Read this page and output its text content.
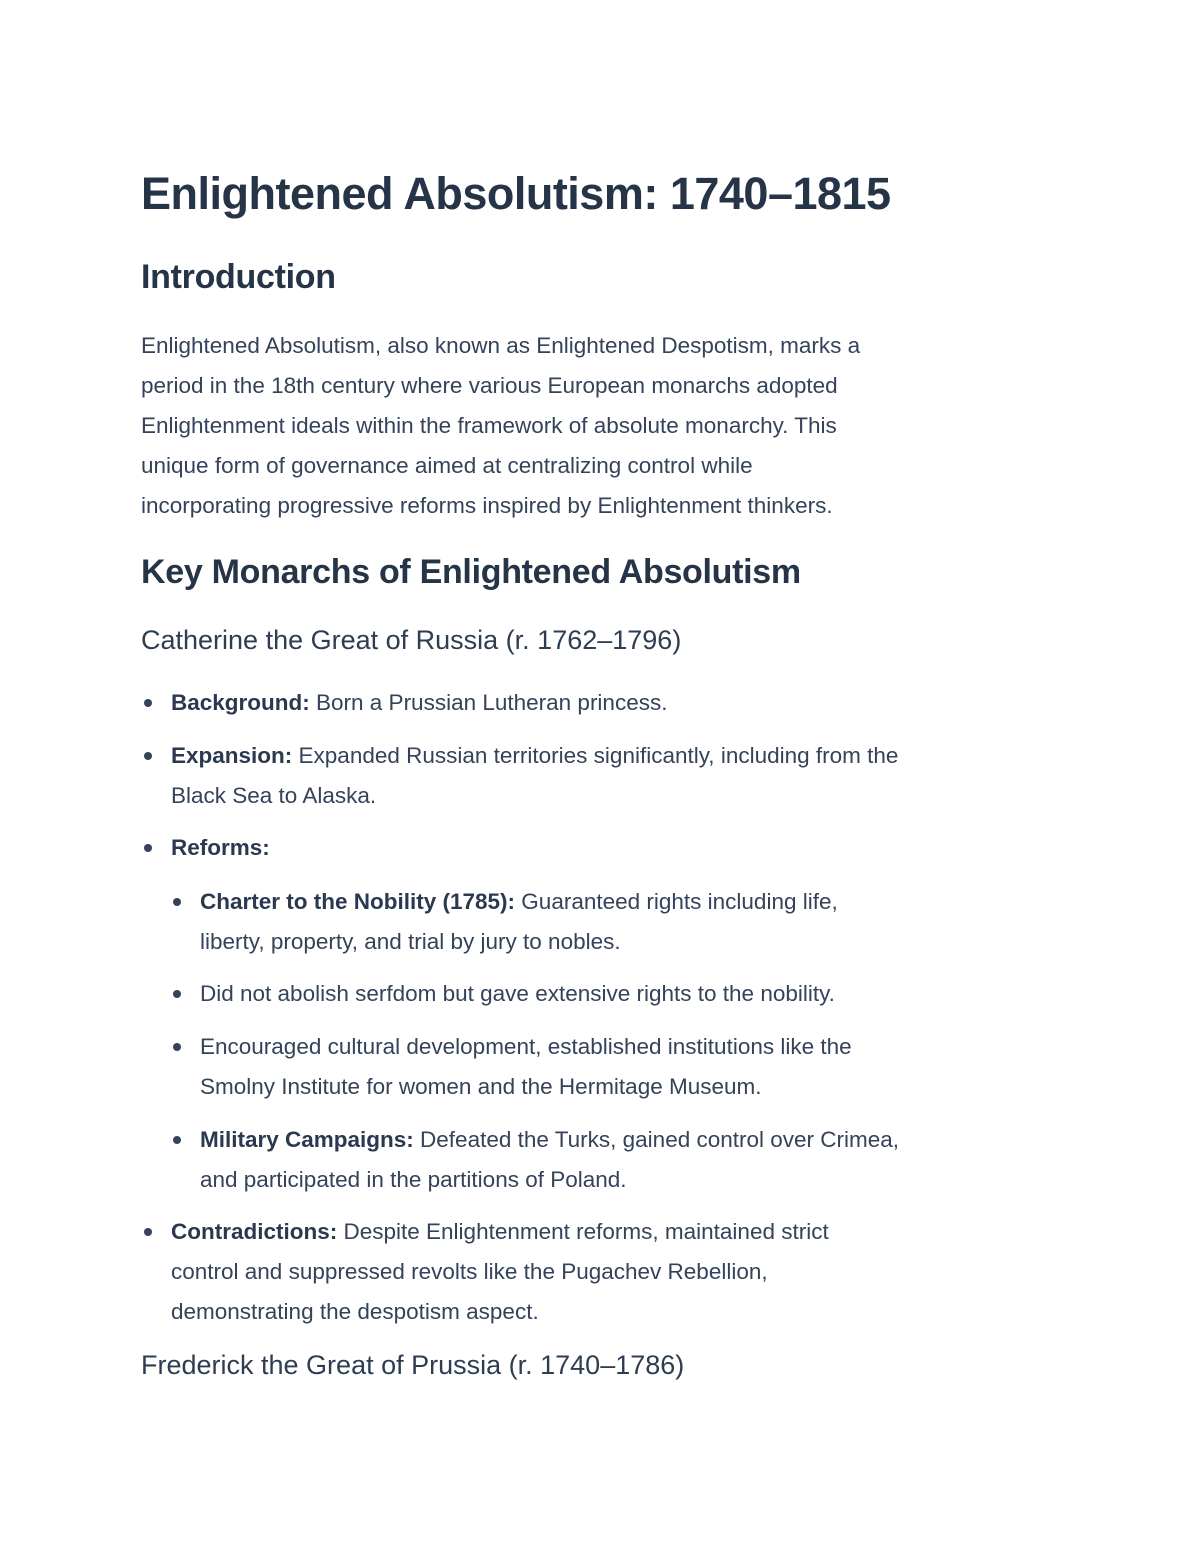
Enlightened Absolutism: 1740–1815
Introduction

Enlightened Absolutism, also known as Enlightened Despotism, marks a
period in the 18th century where various European monarchs adopted
Enlightenment ideals within the framework of absolute monarchy. This
unique form of governance aimed at centralizing control while
incorporating progressive reforms inspired by Enlightenment thinkers.

Key Monarchs of Enlightened Absolutism
Catherine the Great of Russia (r. 1762–1796)
Background: Born a Prussian Lutheran princess.
Expansion: Expanded Russian territories significantly, including from the
Black Sea to Alaska.
Reforms:
Charter to the Nobility (1785): Guaranteed rights including life,
liberty, property, and trial by jury to nobles.
Did not abolish serfdom but gave extensive rights to the nobility.
Encouraged cultural development, established institutions like the
Smolny Institute for women and the Hermitage Museum.
Military Campaigns: Defeated the Turks, gained control over Crimea,
and participated in the partitions of Poland.
Contradictions: Despite Enlightenment reforms, maintained strict
control and suppressed revolts like the Pugachev Rebellion,
demonstrating the despotism aspect.
Frederick the Great of Prussia (r. 1740–1786)
